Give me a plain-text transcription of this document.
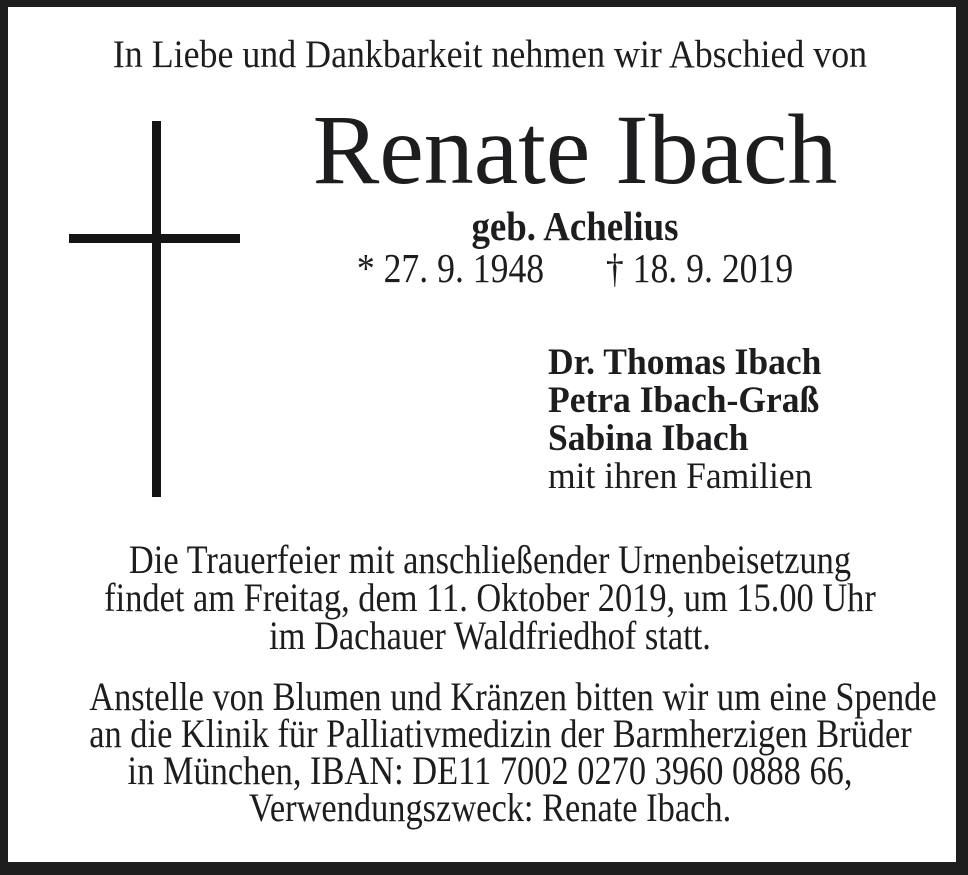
In Liebe und Dankbarkeit nehmen wir Abschied von
Renate Ibach
geb. Achelius
* 27. 9. 1948 † 18. 9. 2019
Dr. Thomas Ibach
Petra Ibach-Graß
Sabina Ibach
mit ihren Familien
Die Trauerfeier mit anschließender Urnenbeisetzung
findet am Freitag, dem 11. Oktober 2019, um 15.00 Uhr
im Dachauer Waldfriedhof statt.
Anstelle von Blumen und Kränzen bitten wir um eine Spende
an die Klinik für Palliativmedizin der Barmherzigen Brüder
in München, IBAN: DE11 7002 0270 3960 0888 66,
Verwendungszweck: Renate Ibach.
